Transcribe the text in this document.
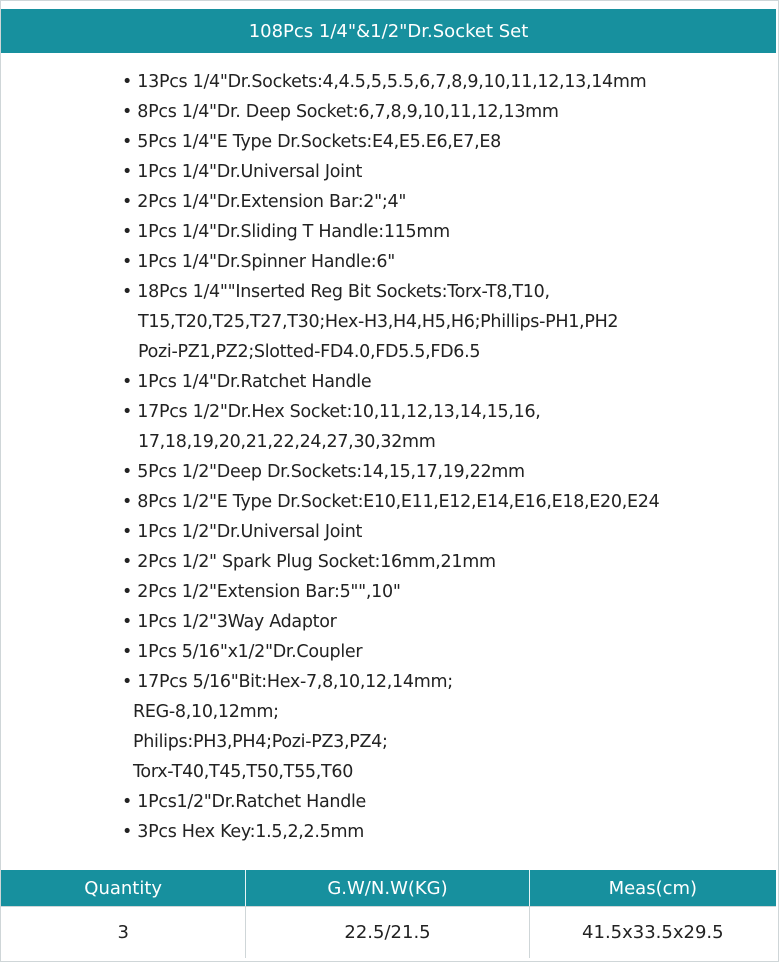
108Pcs 1/4"&1/2"Dr.Socket Set
• 13Pcs 1/4"Dr.Sockets:4,4.5,5,5.5,6,7,8,9,10,11,12,13,14mm
• 8Pcs 1/4"Dr. Deep Socket:6,7,8,9,10,11,12,13mm
• 5Pcs 1/4"E Type Dr.Sockets:E4,E5.E6,E7,E8
• 1Pcs 1/4"Dr.Universal Joint
• 2Pcs 1/4"Dr.Extension Bar:2";4"
• 1Pcs 1/4"Dr.Sliding T Handle:115mm
• 1Pcs 1/4"Dr.Spinner Handle:6"
• 18Pcs 1/4""Inserted Reg Bit Sockets:Torx-T8,T10,
T15,T20,T25,T27,T30;Hex-H3,H4,H5,H6;Phillips-PH1,PH2
Pozi-PZ1,PZ2;Slotted-FD4.0,FD5.5,FD6.5
• 1Pcs 1/4"Dr.Ratchet Handle
• 17Pcs 1/2"Dr.Hex Socket:10,11,12,13,14,15,16,
17,18,19,20,21,22,24,27,30,32mm
• 5Pcs 1/2"Deep Dr.Sockets:14,15,17,19,22mm
• 8Pcs 1/2"E Type Dr.Socket:E10,E11,E12,E14,E16,E18,E20,E24
• 1Pcs 1/2"Dr.Universal Joint
• 2Pcs 1/2" Spark Plug Socket:16mm,21mm
• 2Pcs 1/2"Extension Bar:5"",10"
• 1Pcs 1/2"3Way Adaptor
• 1Pcs 5/16"x1/2"Dr.Coupler
• 17Pcs 5/16"Bit:Hex-7,8,10,12,14mm;
REG-8,10,12mm;
Philips:PH3,PH4;Pozi-PZ3,PZ4;
Torx-T40,T45,T50,T55,T60
• 1Pcs1/2"Dr.Ratchet Handle
• 3Pcs Hex Key:1.5,2,2.5mm
Quantity	G.W/N.W(KG)	Meas(cm)
3	22.5/21.5	41.5x33.5x29.5
